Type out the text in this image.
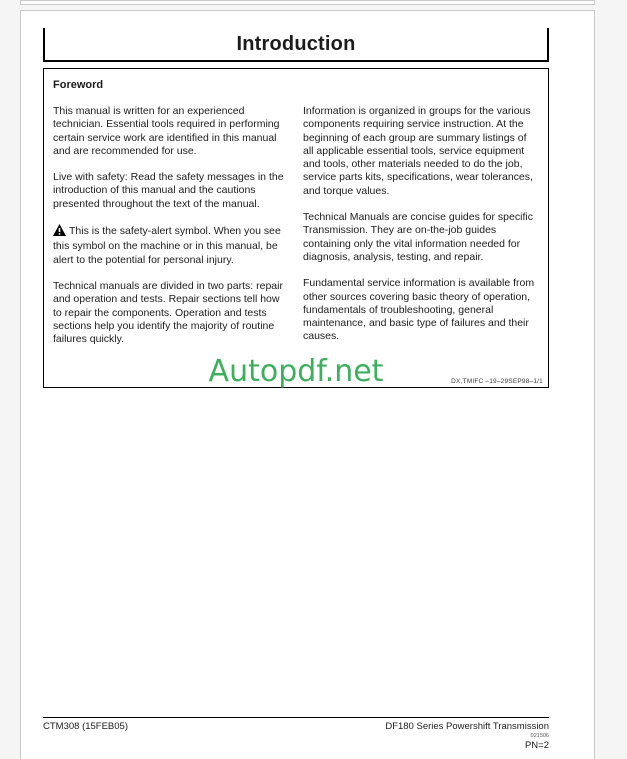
Introduction
Foreword

This manual is written for an experienced technician. Essential tools required in performing certain service work are identified in this manual and are recommended for use.

Live with safety: Read the safety messages in the introduction of this manual and the cautions presented throughout the text of the manual.

This is the safety-alert symbol. When you see this symbol on the machine or in this manual, be alert to the potential for personal injury.

Technical manuals are divided in two parts: repair and operation and tests. Repair sections tell how to repair the components. Operation and tests sections help you identify the majority of routine failures quickly.

Information is organized in groups for the various components requiring service instruction. At the beginning of each group are summary listings of all applicable essential tools, service equipment and tools, other materials needed to do the job, service parts kits, specifications, wear tolerances, and torque values.

Technical Manuals are concise guides for specific Transmission. They are on-the-job guides containing only the vital information needed for diagnosis, analysis, testing, and repair.

Fundamental service information is available from other sources covering basic theory of operation, fundamentals of troubleshooting, general maintenance, and basic type of failures and their causes.

Autopdf.net	DX,TMIFC –19–29SEP98–1/1
CTM308 (15FEB05)	DF180 Series Powershift Transmission
021506
PN=2
